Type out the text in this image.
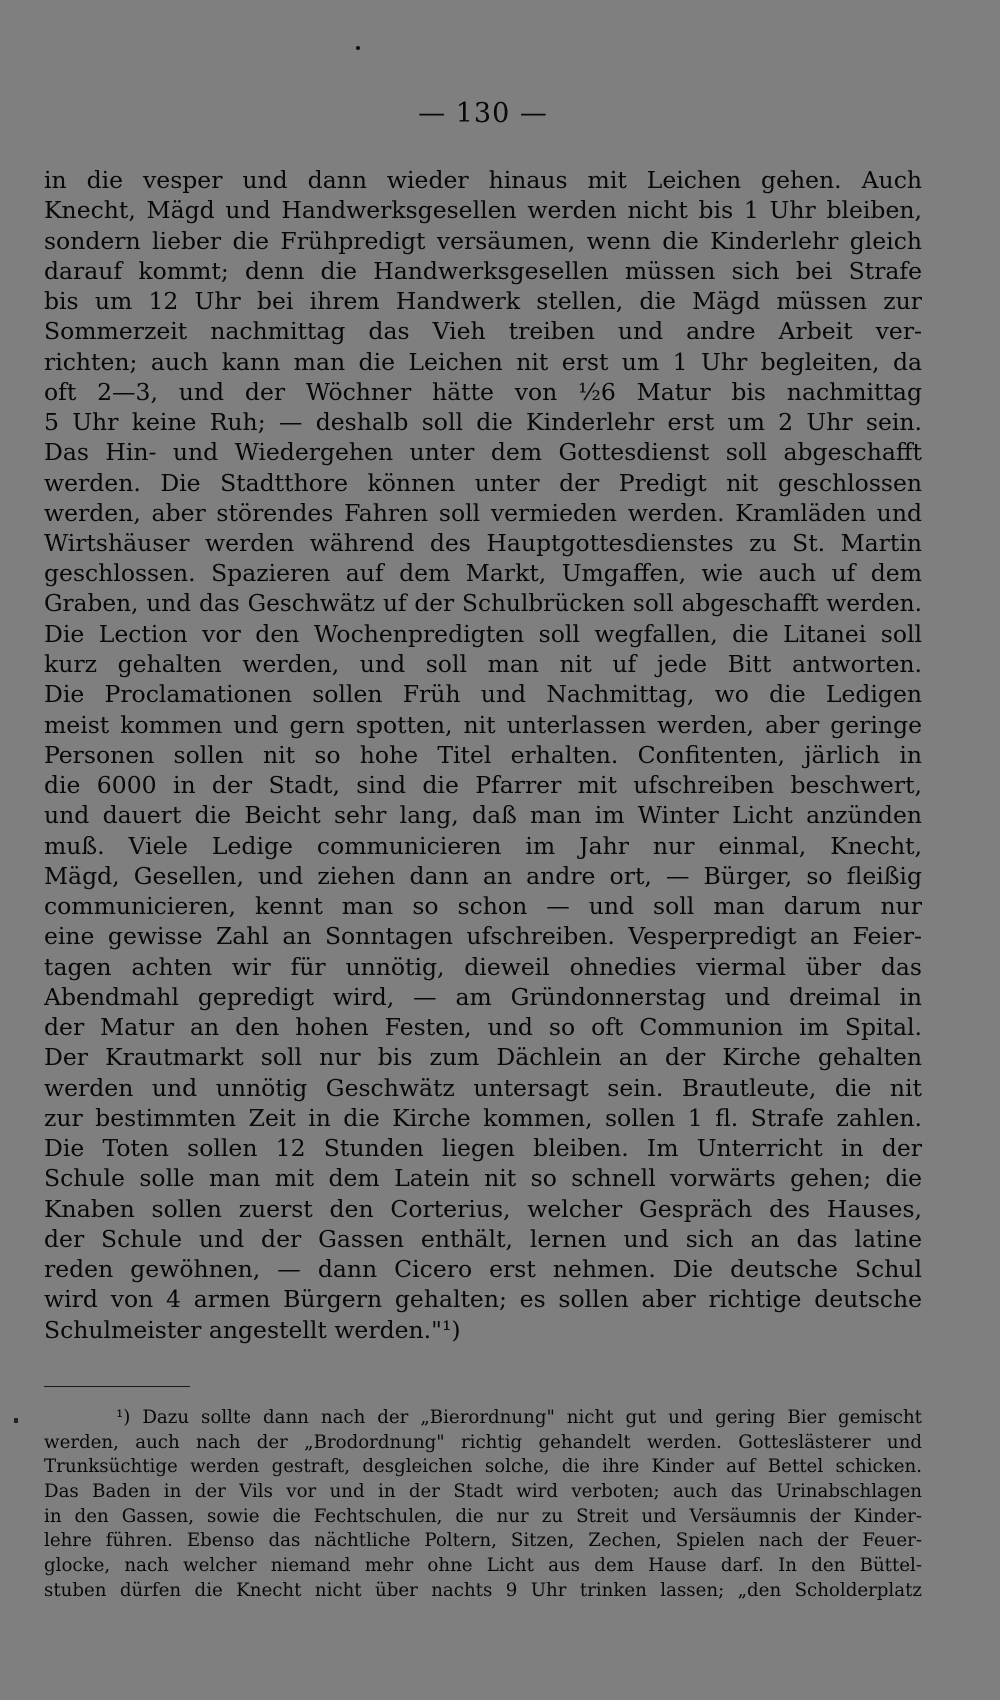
— 130 —
in die vesper und dann wieder hinaus mit Leichen gehen. Auch
Knecht, Mägd und Handwerksgesellen werden nicht bis 1 Uhr bleiben,
sondern lieber die Frühpredigt versäumen, wenn die Kinderlehr gleich
darauf kommt; denn die Handwerksgesellen müssen sich bei Strafe
bis um 12 Uhr bei ihrem Handwerk stellen, die Mägd müssen zur
Sommerzeit nachmittag das Vieh treiben und andre Arbeit ver-
richten; auch kann man die Leichen nit erst um 1 Uhr begleiten, da
oft 2—3, und der Wöchner hätte von ½6 Matur bis nachmittag
5 Uhr keine Ruh; — deshalb soll die Kinderlehr erst um 2 Uhr sein.
Das Hin- und Wiedergehen unter dem Gottesdienst soll abgeschafft
werden. Die Stadtthore können unter der Predigt nit geschlossen
werden, aber störendes Fahren soll vermieden werden. Kramläden und
Wirtshäuser werden während des Hauptgottesdienstes zu St. Martin
geschlossen. Spazieren auf dem Markt, Umgaffen, wie auch uf dem
Graben, und das Geschwätz uf der Schulbrücken soll abgeschafft werden.
Die Lection vor den Wochenpredigten soll wegfallen, die Litanei soll
kurz gehalten werden, und soll man nit uf jede Bitt antworten.
Die Proclamationen sollen Früh und Nachmittag, wo die Ledigen
meist kommen und gern spotten, nit unterlassen werden, aber geringe
Personen sollen nit so hohe Titel erhalten. Confitenten, järlich in
die 6000 in der Stadt, sind die Pfarrer mit ufschreiben beschwert,
und dauert die Beicht sehr lang, daß man im Winter Licht anzünden
muß. Viele Ledige communicieren im Jahr nur einmal, Knecht,
Mägd, Gesellen, und ziehen dann an andre ort, — Bürger, so fleißig
communicieren, kennt man so schon — und soll man darum nur
eine gewisse Zahl an Sonntagen ufschreiben. Vesperpredigt an Feier-
tagen achten wir für unnötig, dieweil ohnedies viermal über das
Abendmahl gepredigt wird, — am Gründonnerstag und dreimal in
der Matur an den hohen Festen, und so oft Communion im Spital.
Der Krautmarkt soll nur bis zum Dächlein an der Kirche gehalten
werden und unnötig Geschwätz untersagt sein. Brautleute, die nit
zur bestimmten Zeit in die Kirche kommen, sollen 1 fl. Strafe zahlen.
Die Toten sollen 12 Stunden liegen bleiben. Im Unterricht in der
Schule solle man mit dem Latein nit so schnell vorwärts gehen; die
Knaben sollen zuerst den Corterius, welcher Gespräch des Hauses,
der Schule und der Gassen enthält, lernen und sich an das latine
reden gewöhnen, — dann Cicero erst nehmen. Die deutsche Schul
wird von 4 armen Bürgern gehalten; es sollen aber richtige deutsche
Schulmeister angestellt werden."¹)
¹) Dazu sollte dann nach der „Bierordnung" nicht gut und gering Bier gemischt
werden, auch nach der „Brodordnung" richtig gehandelt werden. Gotteslästerer und
Trunksüchtige werden gestraft, desgleichen solche, die ihre Kinder auf Bettel schicken.
Das Baden in der Vils vor und in der Stadt wird verboten; auch das Urinabschlagen
in den Gassen, sowie die Fechtschulen, die nur zu Streit und Versäumnis der Kinder-
lehre führen. Ebenso das nächtliche Poltern, Sitzen, Zechen, Spielen nach der Feuer-
glocke, nach welcher niemand mehr ohne Licht aus dem Hause darf. In den Büttel-
stuben dürfen die Knecht nicht über nachts 9 Uhr trinken lassen; „den Scholderplatz
